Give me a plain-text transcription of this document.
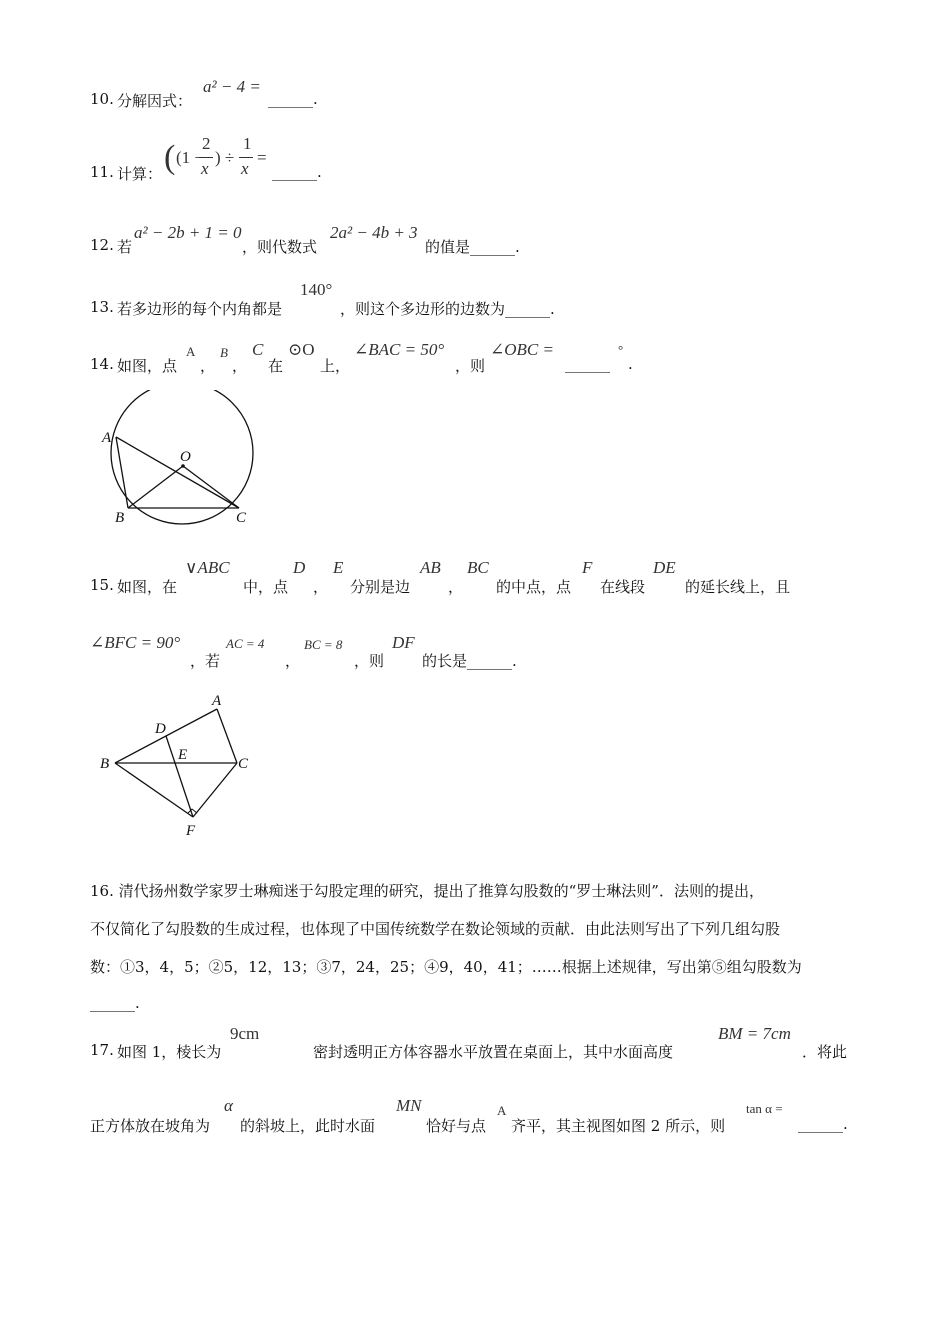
10. 分解因式：
a² − 4 =
______.
11. 计算： ( (1 −
2
x
) ÷
1
x
=
______.
12. 若
a² − 2b + 1 = 0
，则代数式
2a² − 4b + 3
的值是______.
13. 若多边形的每个内角都是
140°
，则这个多边形的边数为______.
14. 如图，点
A
，
B
，
C
在
⊙O
上，
∠BAC = 50°
，则
∠OBC =
______
°
.
A
B	C
O
15. 如图，在
∨ABC
中，点
D
，
E
分别是边
AB
，
BC
的中点，点
F
在线段
DE
的延长线上，且
∠BFC = 90°
，若
AC = 4
，
BC = 8
，则
DF
的长是______.
A
B	C
D
E
F
16. 清代扬州数学家罗士琳痴迷于勾股定理的研究，提出了推算勾股数的“罗士琳法则”．法则的提出，
不仅简化了勾股数的生成过程，也体现了中国传统数学在数论领域的贡献．由此法则写出了下列几组勾股
数：①3，4，5；②5，12，13；③7，24，25；④9，40，41；……根据上述规律，写出第⑤组勾股数为
______.
17. 如图 1，棱长为
9cm
密封透明正方体容器水平放置在桌面上，其中水面高度
BM = 7cm
．将此
正方体放在坡角为
α
的斜坡上，此时水面
MN
恰好与点
A
齐平，其主视图如图 2 所示，则
tan α =
______.
